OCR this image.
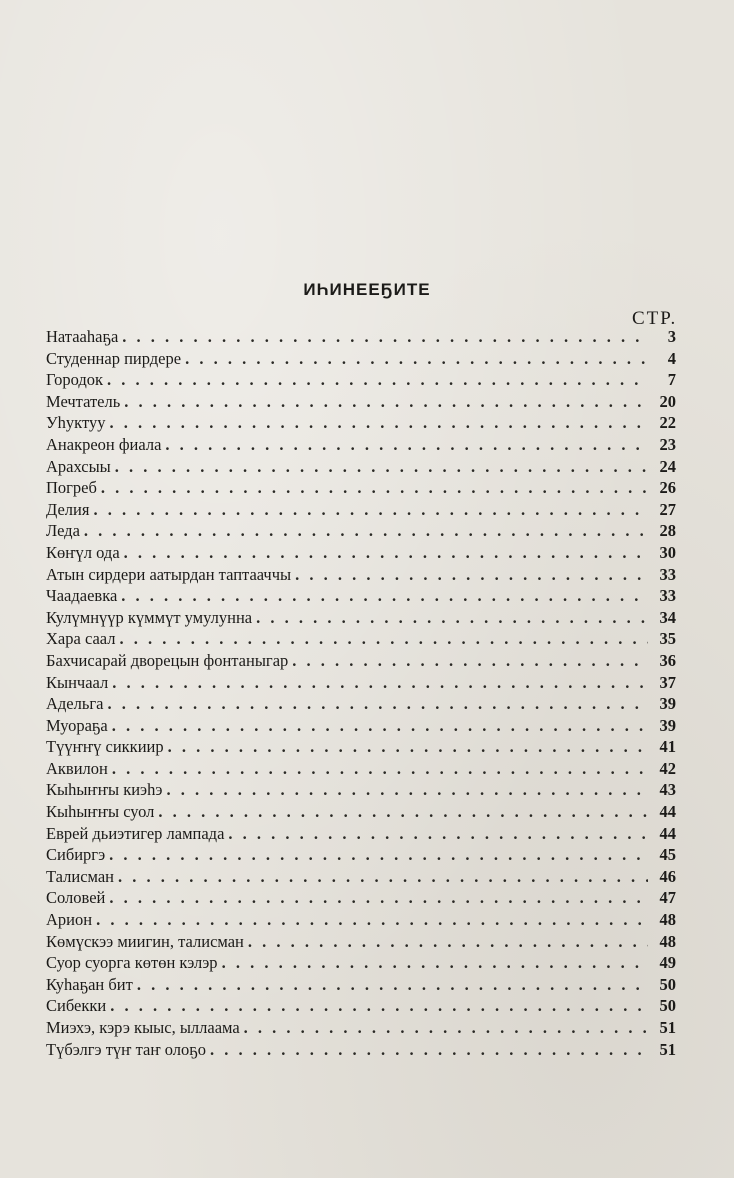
ИҺИНЕЕҔИТЕ
СТР.
Натааһаҕа . . .	3
Студеннар пирдере . . .	4
Городок . . .	7
Мечтатель . . .	20
Уһуктуу . . .	22
Анакреон фиала . . .	23
Арахсыы . . .	24
Погреб . . .	26
Делия . . .	27
Леда . . .	28
Көҥүл ода . . .	30
Атын сирдери аатырдан таптааччы . . .	33
Чаадаевка . . .	33
Кулүмнүүр күммүт умулунна . . .	34
Хара саал . . .	35
Бахчисарай дворецын фонтаныгар . . .	36
Кынчаал . . .	37
Адельга . . .	39
Муораҕа . . .	39
Түүҥҥү сиккиир . . .	41
Аквилон . . .	42
Кыһыҥҥы киэһэ . . .	43
Кыһыҥҥы суол . . .	44
Еврей дьиэтигер лампада . . .	44
Сибиргэ . . .	45
Талисман . . .	46
Соловей . . .	47
Арион . . .	48
Көмүскээ миигин, талисман . . .	48
Суор суорга көтөн кэлэр . . .	49
Куһаҕан бит . . .	50
Сибекки . . .	50
Миэхэ, кэрэ кыыс, ыллаама . . .	51
Түбэлгэ түҥ таҥ олоҕо . . .	51
